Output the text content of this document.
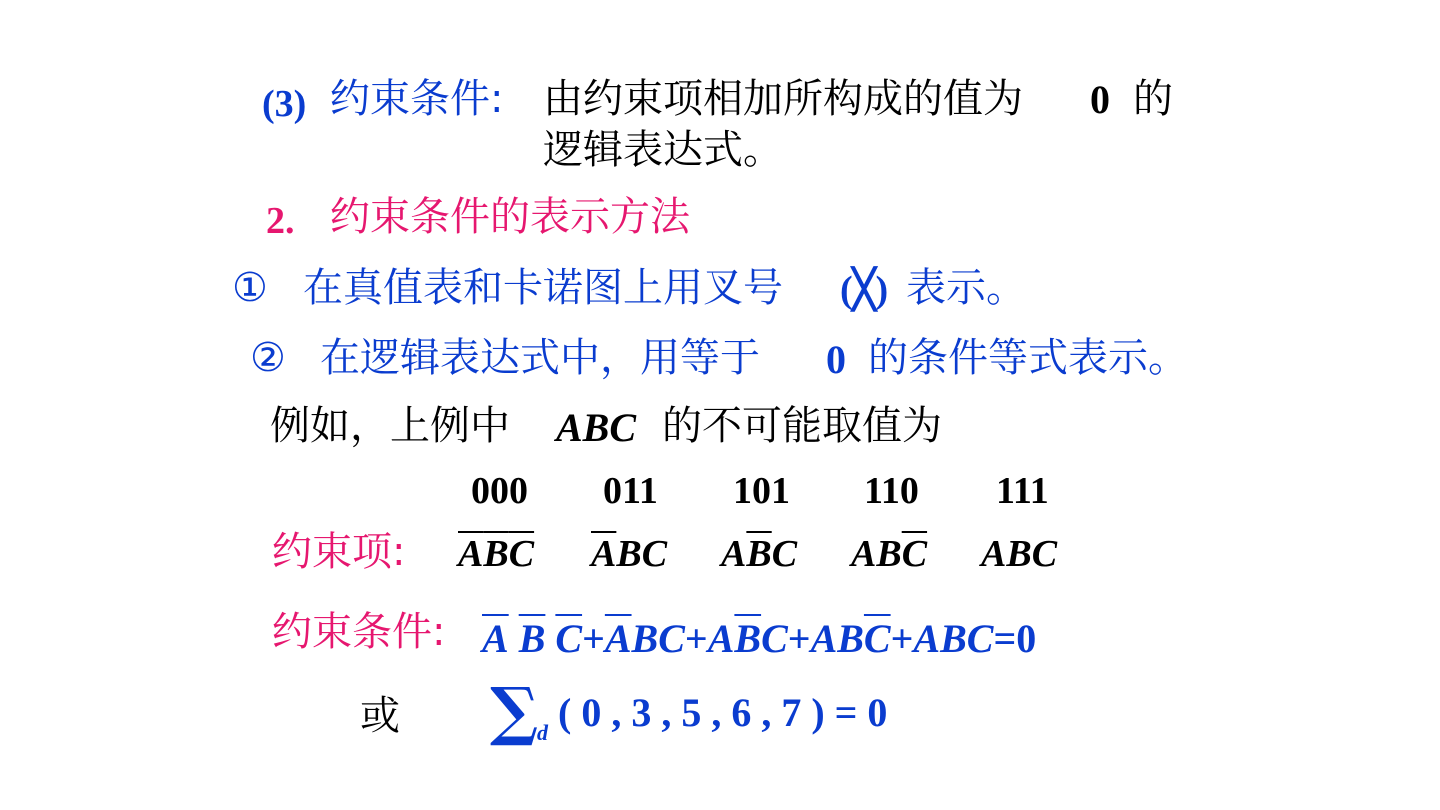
(3) 约束条件: 由约束项相加所构成的值为 0 的
逻辑表达式。
2. 约束条件的表示方法
① 在真值表和卡诺图上用叉号 (╳) 表示。
② 在逻辑表达式中，用等于 0 的条件等式表示。
例如，上例中 ABC 的不可能取值为
000 011 101 110 111
约束项: $\overline{A}\overline{B}\overline{C}$ $\overline{A}BC$ $A\overline{B}C$ $AB\overline{C}$ ABC
约束条件: $\overline{A}$ $\overline{B}$ $\overline{C}+\overline{A}BC+A\overline{B}C+AB\overline{C}+ABC=0$
或 ∑
d ( 0 , 3 , 5 , 6 , 7 ) = 0
